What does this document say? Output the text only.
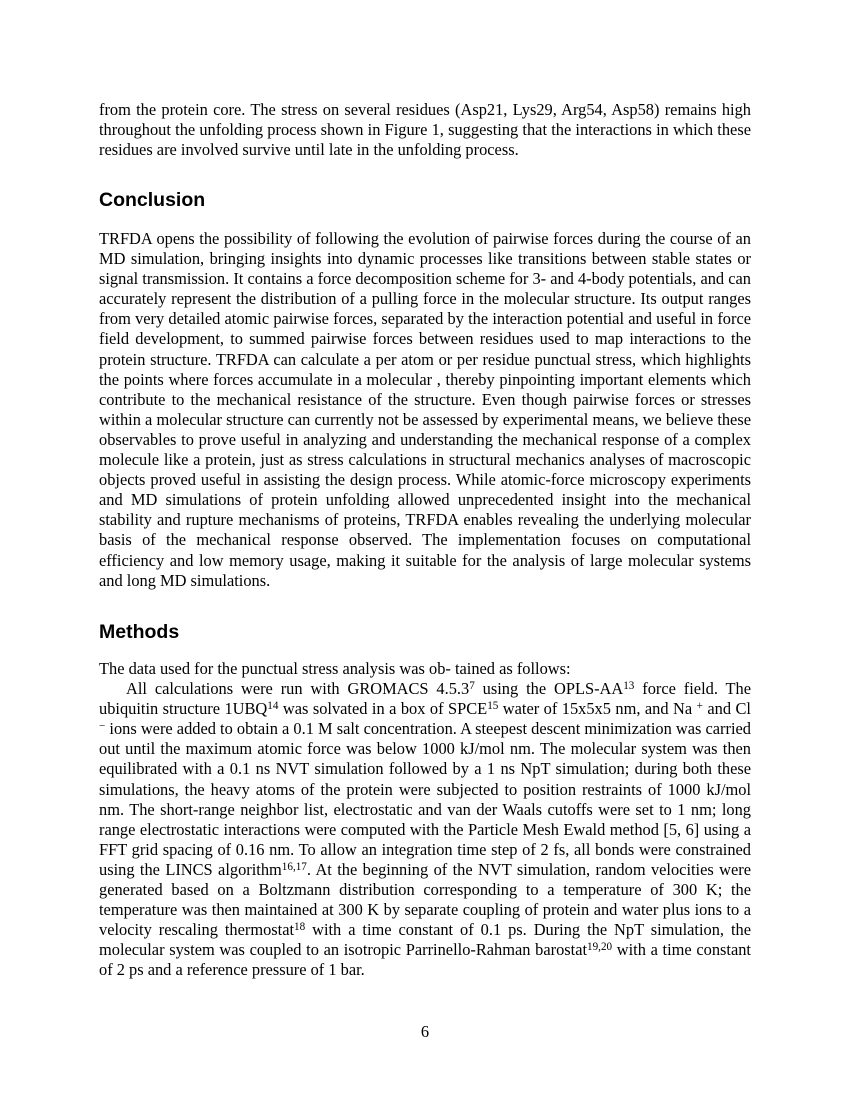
from the protein core. The stress on several residues (Asp21, Lys29, Arg54, Asp58) remains high throughout the unfolding process shown in Figure 1, suggesting that the interactions in which these residues are involved survive until late in the unfolding process.
Conclusion
TRFDA opens the possibility of following the evolution of pairwise forces during the course of an MD simulation, bringing insights into dynamic processes like transitions between stable states or signal transmission. It contains a force decomposition scheme for 3- and 4-body potentials, and can accurately represent the distribution of a pulling force in the molecular structure. Its output ranges from very detailed atomic pairwise forces, separated by the interaction potential and useful in force field development, to summed pairwise forces between residues used to map interactions to the protein structure. TRFDA can calculate a per atom or per residue punctual stress, which highlights the points where forces accumulate in a molecular , thereby pinpointing important elements which contribute to the mechanical resistance of the structure. Even though pairwise forces or stresses within a molecular structure can currently not be assessed by experimental means, we believe these observables to prove useful in analyzing and understanding the mechanical response of a complex molecule like a protein, just as stress calculations in structural mechanics analyses of macroscopic objects proved useful in assisting the design process. While atomic-force microscopy experiments and MD simulations of protein unfolding allowed unprecedented insight into the mechanical stability and rupture mechanisms of proteins, TRFDA enables revealing the underlying molecular basis of the mechanical response observed. The implementation focuses on computational efficiency and low memory usage, making it suitable for the analysis of large molecular systems and long MD simulations.
Methods

The data used for the punctual stress analysis was ob- tained as follows:

All calculations were run with GROMACS 4.5.3$^7$ using the OPLS-AA$^{13}$ force field. The ubiquitin structure 1UBQ$^{14}$ was solvated in a box of SPCE$^{15}$ water of 15x5x5 nm, and Na + and Cl − ions were added to obtain a 0.1 M salt concentration. A steepest descent minimization was carried out until the maximum atomic force was below 1000 kJ/mol nm. The molecular system was then equilibrated with a 0.1 ns NVT simulation followed by a 1 ns NpT simulation; during both these simulations, the heavy atoms of the protein were subjected to position restraints of 1000 kJ/mol nm. The short-range neighbor list, electrostatic and van der Waals cutoffs were set to 1 nm; long range electrostatic interactions were computed with the Particle Mesh Ewald method [5, 6] using a FFT grid spacing of 0.16 nm. To allow an integration time step of 2 fs, all bonds were constrained using the LINCS algorithm$^{16,17}$. At the beginning of the NVT simulation, random velocities were generated based on a Boltzmann distribution corresponding to a temperature of 300 K; the temperature was then maintained at 300 K by separate coupling of protein and water plus ions to a velocity rescaling thermostat$^{18}$ with a time constant of 0.1 ps. During the NpT simulation, the molecular system was coupled to an isotropic Parrinello-Rahman barostat$^{19,20}$ with a time constant of 2 ps and a reference pressure of 1 bar.

6
